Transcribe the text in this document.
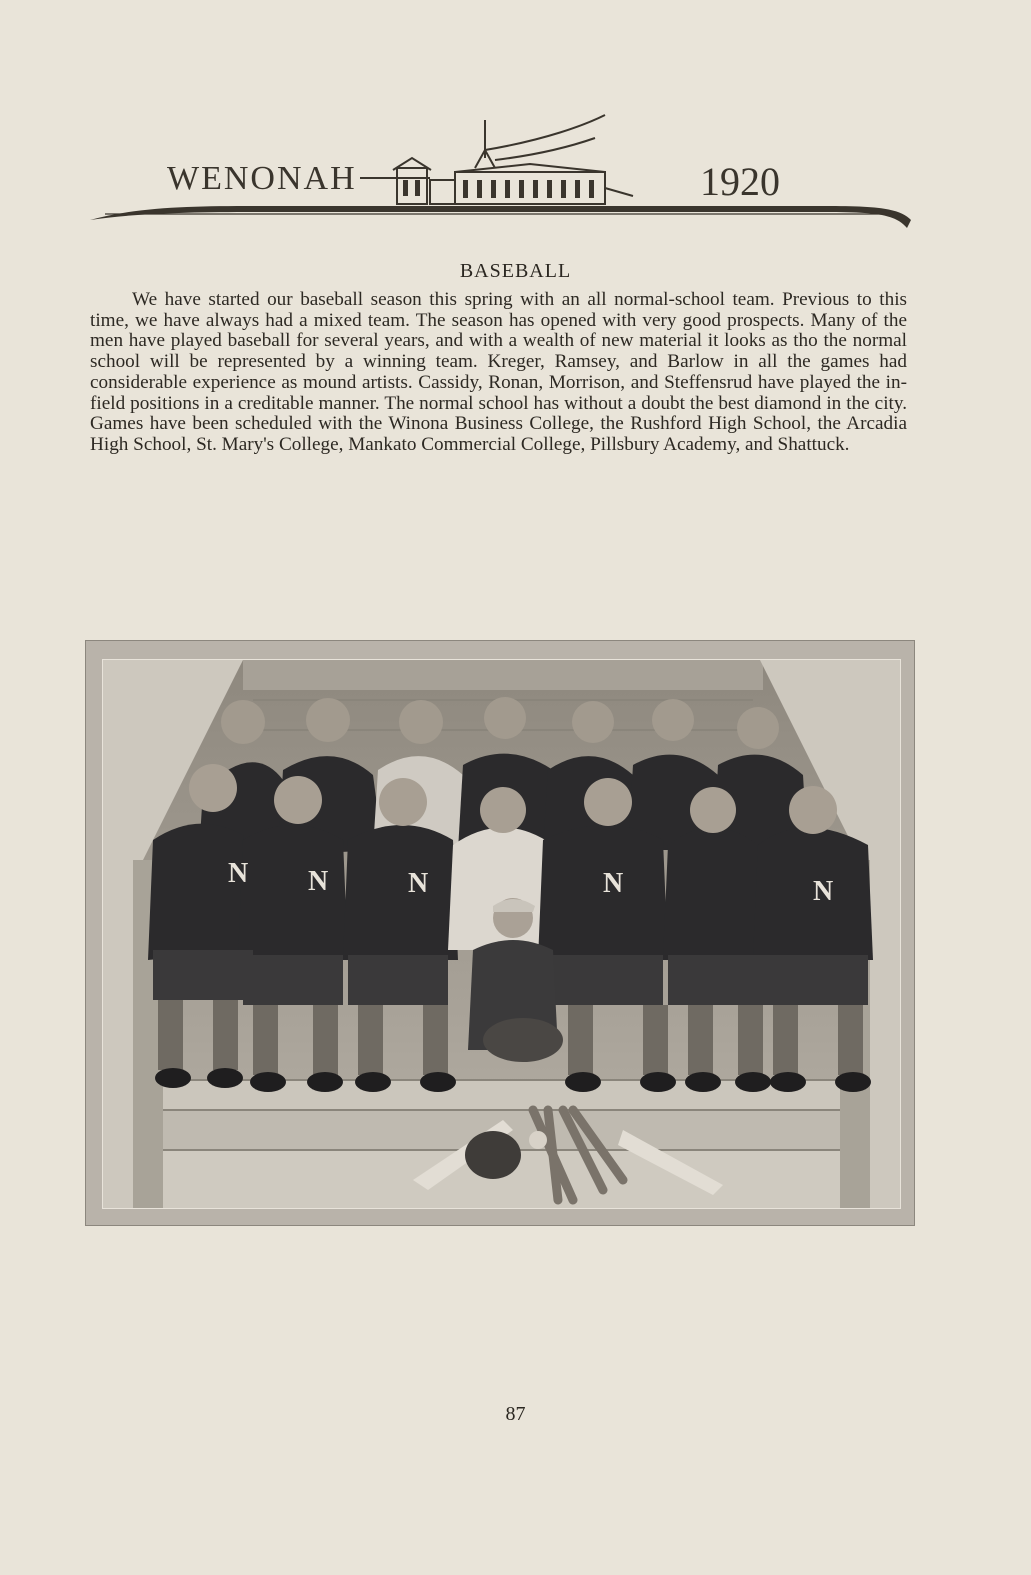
WENONAH	1920
BASEBALL
We have started our baseball season this spring with an all normal-school team. Previous to this time, we have always had a mixed team. The season has opened with very good prospects. Many of the men have played baseball for several years, and with a wealth of new material it looks as tho the normal school will be represented by a winning team. Kreger, Ramsey, and Barlow in all the games had considerable experience as mound artists. Cassidy, Ronan, Morrison, and Steffensrud have played the in-field positions in a creditable manner. The normal school has without a doubt the best diamond in the city. Games have been scheduled with the Winona Business College, the Rushford High School, the Arcadia High School, St. Mary's College, Mankato Commercial College, Pillsbury Academy, and Shattuck.
N N	N	N	N
87
